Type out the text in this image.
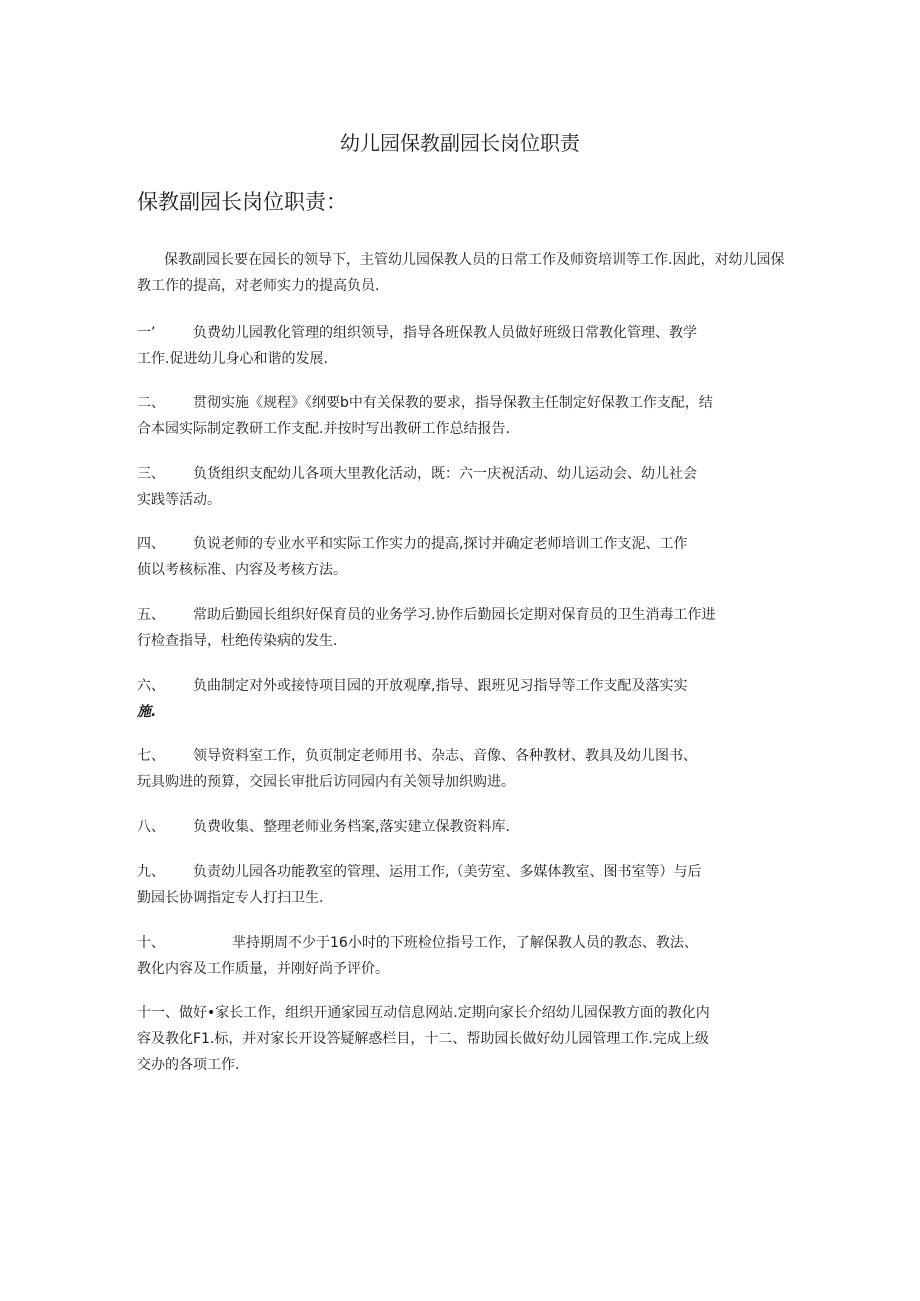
幼儿园保教副园长岗位职责
保教副园长岗位职责：

保教副园长要在园长的领导下，主管幼儿园保教人员的日常工作及师资培训等工作.因此，对幼儿园保教工作的提高，对老师实力的提高负员.

一’	负费幼儿园教化管理的组织领导，指导各班保教人员做好班级日常教化管理、教学
工作.促进幼儿身心和谐的发展.

二、 贯彻实施《规程》《纲要b中有关保教的要求，指导保教主任制定好保教工作支配，结
合本园实际制定教研工作支配.并按时写出教研工作总结报告.

三、 负货组织支配幼儿各项大里教化活动，既：六一庆祝活动、幼儿运动会、幼儿社会
实践等活动。

四、 负说老师的专业水平和实际工作实力的提高,探讨并确定老师培训工作支泥、工作
侦以考核标准、内容及考核方法。

五、 常助后勤园长组织好保育员的业务学习.协作后勤园长定期对保育员的卫生消毒工作进
行检查指导，杜绝传染病的发生.

六、 负曲制定对外或接恃项目园的开放观摩,指导、跟班见习指导等工作支配及落实实
施.

七、 领导资料室工作，负页制定老师用书、杂志、音像、各种教材、教具及幼儿图书、
玩具购进的预算，交园长审批后访同园内有关领导加织购进。

八、 负费收集、整理老师业务档案,落实建立保教资料库.

九、 负责幼儿园各功能教室的管理、运用工作,（美劳室、多媒体教室、图书室等）与后
勤园长协调指定专人打扫卫生.

十、	芈持期周不少于16小时的下班检位指号工作，了解保教人员的教态、教法、
教化内容及工作质量，并刚好尚予评价。

十一、做好•家长工作，组织开通家园互动信息网站.定期向家长介绍幼儿园保教方面的教化内
容及教化F1.标，并对家长开设答疑解惑栏目，十二、帮助园长做好幼儿园管理工作.完成上级
交办的各项工作.
